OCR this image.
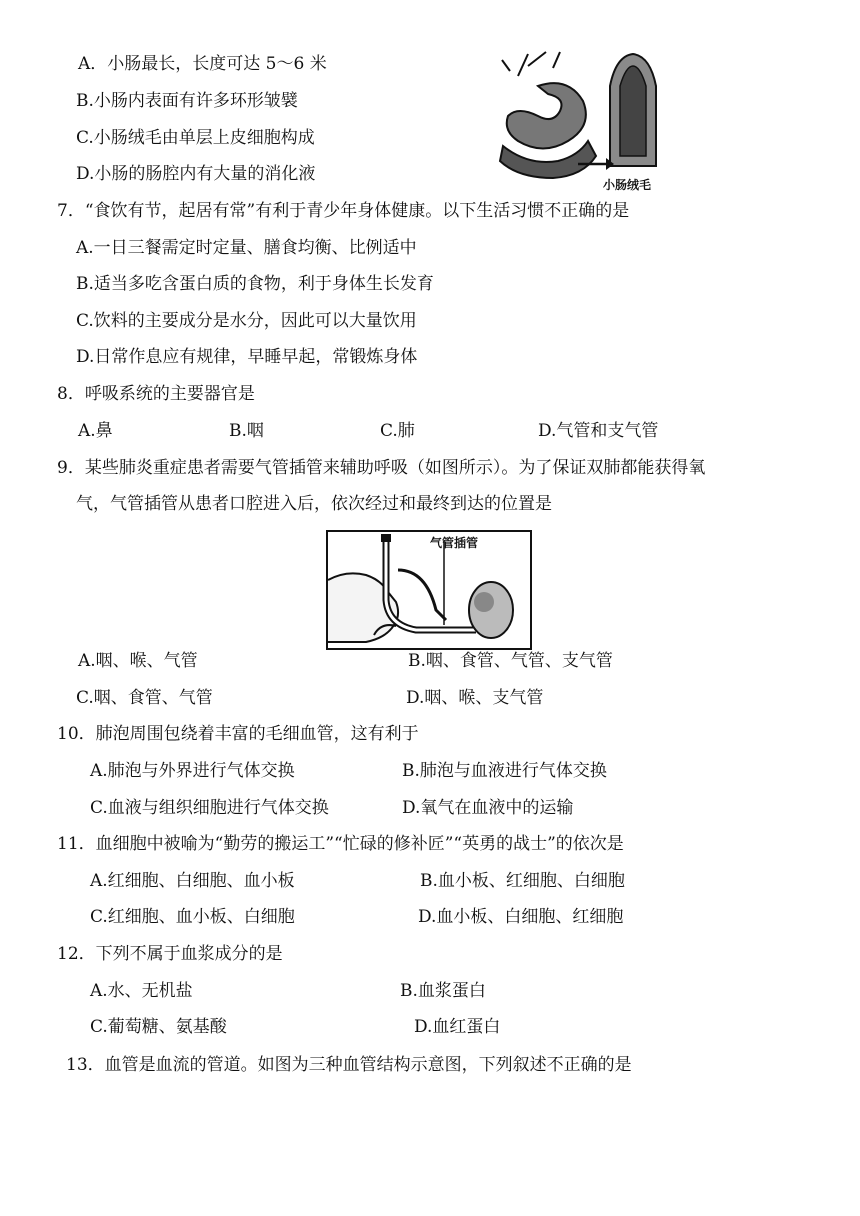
A．小肠最长，长度可达 5～6 米
B.小肠内表面有许多环形皱襞
C.小肠绒毛由单层上皮细胞构成
D.小肠的肠腔内有大量的消化液
小肠绒毛
7．“食饮有节，起居有常”有利于青少年身体健康。以下生活习惯不正确的是
A.一日三餐需定时定量、膳食均衡、比例适中
B.适当多吃含蛋白质的食物，利于身体生长发育
C.饮料的主要成分是水分，因此可以大量饮用
D.日常作息应有规律，早睡早起，常锻炼身体
8．呼吸系统的主要器官是
A.鼻	B.咽	C.肺	D.气管和支气管
9．某些肺炎重症患者需要气管插管来辅助呼吸（如图所示）。为了保证双肺都能获得氧
气，气管插管从患者口腔进入后，依次经过和最终到达的位置是
气管插管
A.咽、喉、气管	B.咽、食管、气管、支气管
C.咽、食管、气管	D.咽、喉、支气管
10．肺泡周围包绕着丰富的毛细血管，这有利于
A.肺泡与外界进行气体交换	B.肺泡与血液进行气体交换
C.血液与组织细胞进行气体交换	D.氧气在血液中的运输
11．血细胞中被喻为“勤劳的搬运工”“忙碌的修补匠”“英勇的战士”的依次是
A.红细胞、白细胞、血小板	B.血小板、红细胞、白细胞
C.红细胞、血小板、白细胞	D.血小板、白细胞、红细胞
12．下列不属于血浆成分的是
A.水、无机盐	B.血浆蛋白
C.葡萄糖、氨基酸	D.血红蛋白
13．血管是血流的管道。如图为三种血管结构示意图，下列叙述不正确的是
